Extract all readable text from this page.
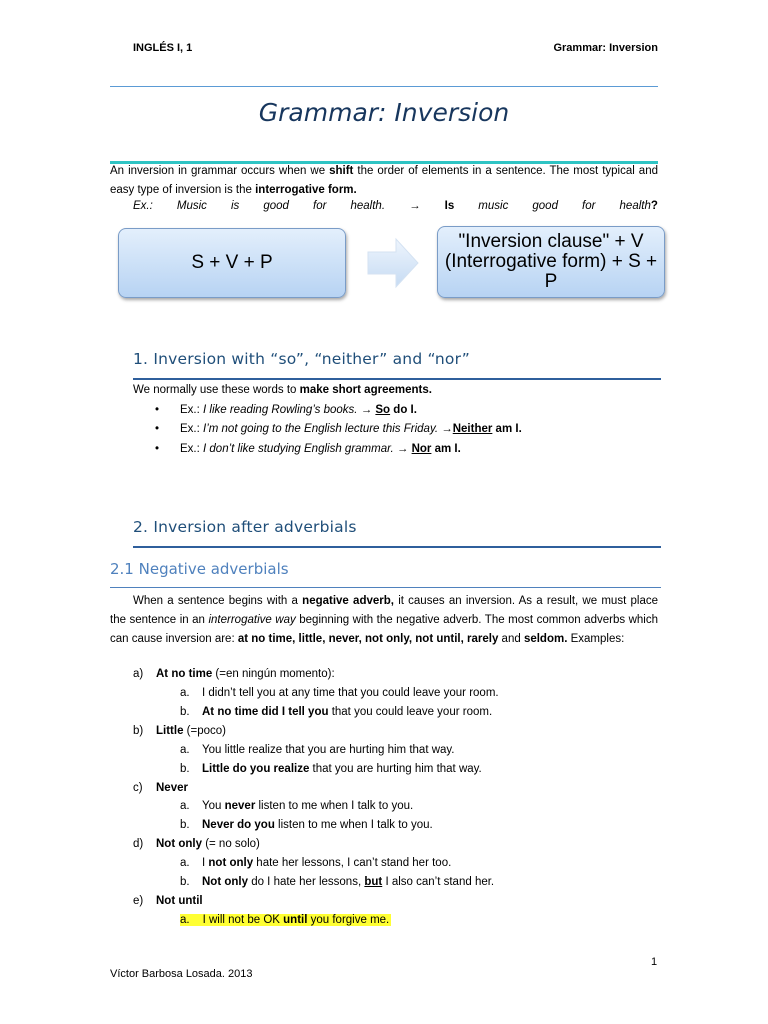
INGLÉS I, 1	Grammar: Inversion
Grammar: Inversion
An inversion in grammar occurs when we shift the order of elements in a sentence. The most typical and easy type of inversion is the interrogative form.
Ex.: Music is good for health. → Is music good for health?
S + V + P
"Inversion clause" + V (Interrogative form) + S + P
1. Inversion with “so”, “neither” and “nor”
We normally use these words to make short agreements.
• Ex.: I like reading Rowling’s books. → So do I.
• Ex.: I’m not going to the English lecture this Friday. →Neither am I.
• Ex.: I don’t like studying English grammar. → Nor am I.
2. Inversion after adverbials
2.1 Negative adverbials
When a sentence begins with a negative adverb, it causes an inversion. As a result, we must place the sentence in an interrogative way beginning with the negative adverb. The most common adverbs which can cause inversion are: at no time, little, never, not only, not until, rarely and seldom. Examples:
a) At no time (=en ningún momento):
a. I didn’t tell you at any time that you could leave your room.
b. At no time did I tell you that you could leave your room.
b) Little (=poco)
a. You little realize that you are hurting him that way.
b. Little do you realize that you are hurting him that way.
c) Never
a. You never listen to me when I talk to you.
b. Never do you listen to me when I talk to you.
d) Not only (= no solo)
a. I not only hate her lessons, I can’t stand her too.
b. Not only do I hate her lessons, but I also can’t stand her.
e) Not until
a. I will not be OK until you forgive me.
1
Víctor Barbosa Losada. 2013
